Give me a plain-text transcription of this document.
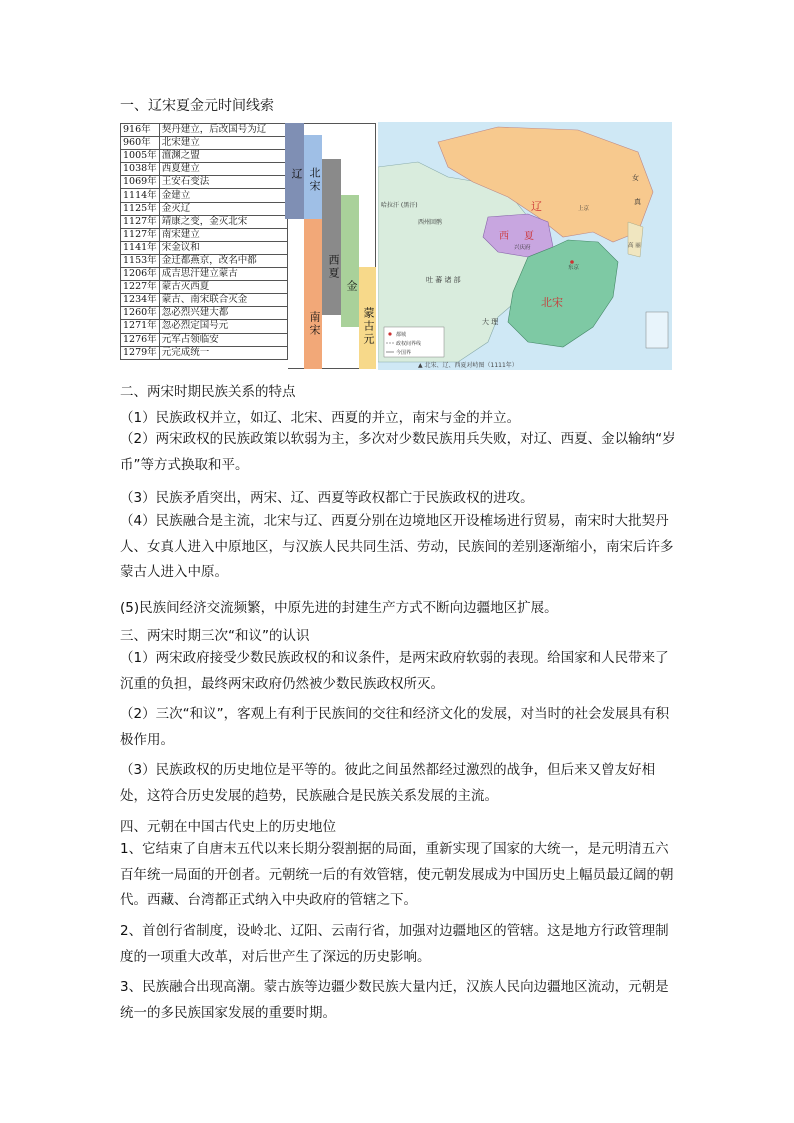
一、辽宋夏金元时间线索
916年	契丹建立，后改国号为辽
960年	北宋建立
1005年	澶渊之盟
1038年	西夏建立
1069年	王安石变法
1114年	金建立
1125年	金灭辽
1127年	靖康之变，金灭北宋
1127年	南宋建立
1141年	宋金议和
1153年	金迁都燕京，改名中都
1206年	成吉思汗建立蒙古
1227年	蒙古灭西夏
1234年	蒙古、南宋联合灭金
1260年	忽必烈兴建大都
1271年	忽必烈定国号元
1276年	元军占领临安
1279年	元完成统一
辽 北宋
南宋
西夏
金
蒙古元
辽
西 夏
北宋
吐 蕃 诸 部
西州回鹘
哈拉汗 (黑汗)
大 理
东京
上京
兴庆府
女
真
高 丽
都城
政权间界线
今国界
▲ 北宋、辽、西夏对峙图（1111年）
二、两宋时期民族关系的特点
（1）民族政权并立，如辽、北宋、西夏的并立，南宋与金的并立。
（2）两宋政权的民族政策以软弱为主，多次对少数民族用兵失败，对辽、西夏、金以输纳“岁币”等方式换取和平。
（3）民族矛盾突出，两宋、辽、西夏等政权都亡于民族政权的进攻。
（4）民族融合是主流，北宋与辽、西夏分别在边境地区开设榷场进行贸易，南宋时大批契丹人、女真人进入中原地区，与汉族人民共同生活、劳动，民族间的差别逐渐缩小，南宋后许多蒙古人进入中原。
(5)民族间经济交流频繁，中原先进的封建生产方式不断向边疆地区扩展。
三、两宋时期三次“和议”的认识
（1）两宋政府接受少数民族政权的和议条件，是两宋政府软弱的表现。给国家和人民带来了沉重的负担，最终两宋政府仍然被少数民族政权所灭。
（2）三次“和议”，客观上有利于民族间的交往和经济文化的发展，对当时的社会发展具有积极作用。
（3）民族政权的历史地位是平等的。彼此之间虽然都经过激烈的战争，但后来又曾友好相处，这符合历史发展的趋势，民族融合是民族关系发展的主流。
四、元朝在中国古代史上的历史地位
1、它结束了自唐末五代以来长期分裂割据的局面，重新实现了国家的大统一，是元明清五六百年统一局面的开创者。元朝统一后的有效管辖，使元朝发展成为中国历史上幅员最辽阔的朝代。西藏、台湾都正式纳入中央政府的管辖之下。
2、首创行省制度，设岭北、辽阳、云南行省，加强对边疆地区的管辖。这是地方行政管理制度的一项重大改革，对后世产生了深远的历史影响。
3、民族融合出现高潮。蒙古族等边疆少数民族大量内迁，汉族人民向边疆地区流动，元朝是统一的多民族国家发展的重要时期。
